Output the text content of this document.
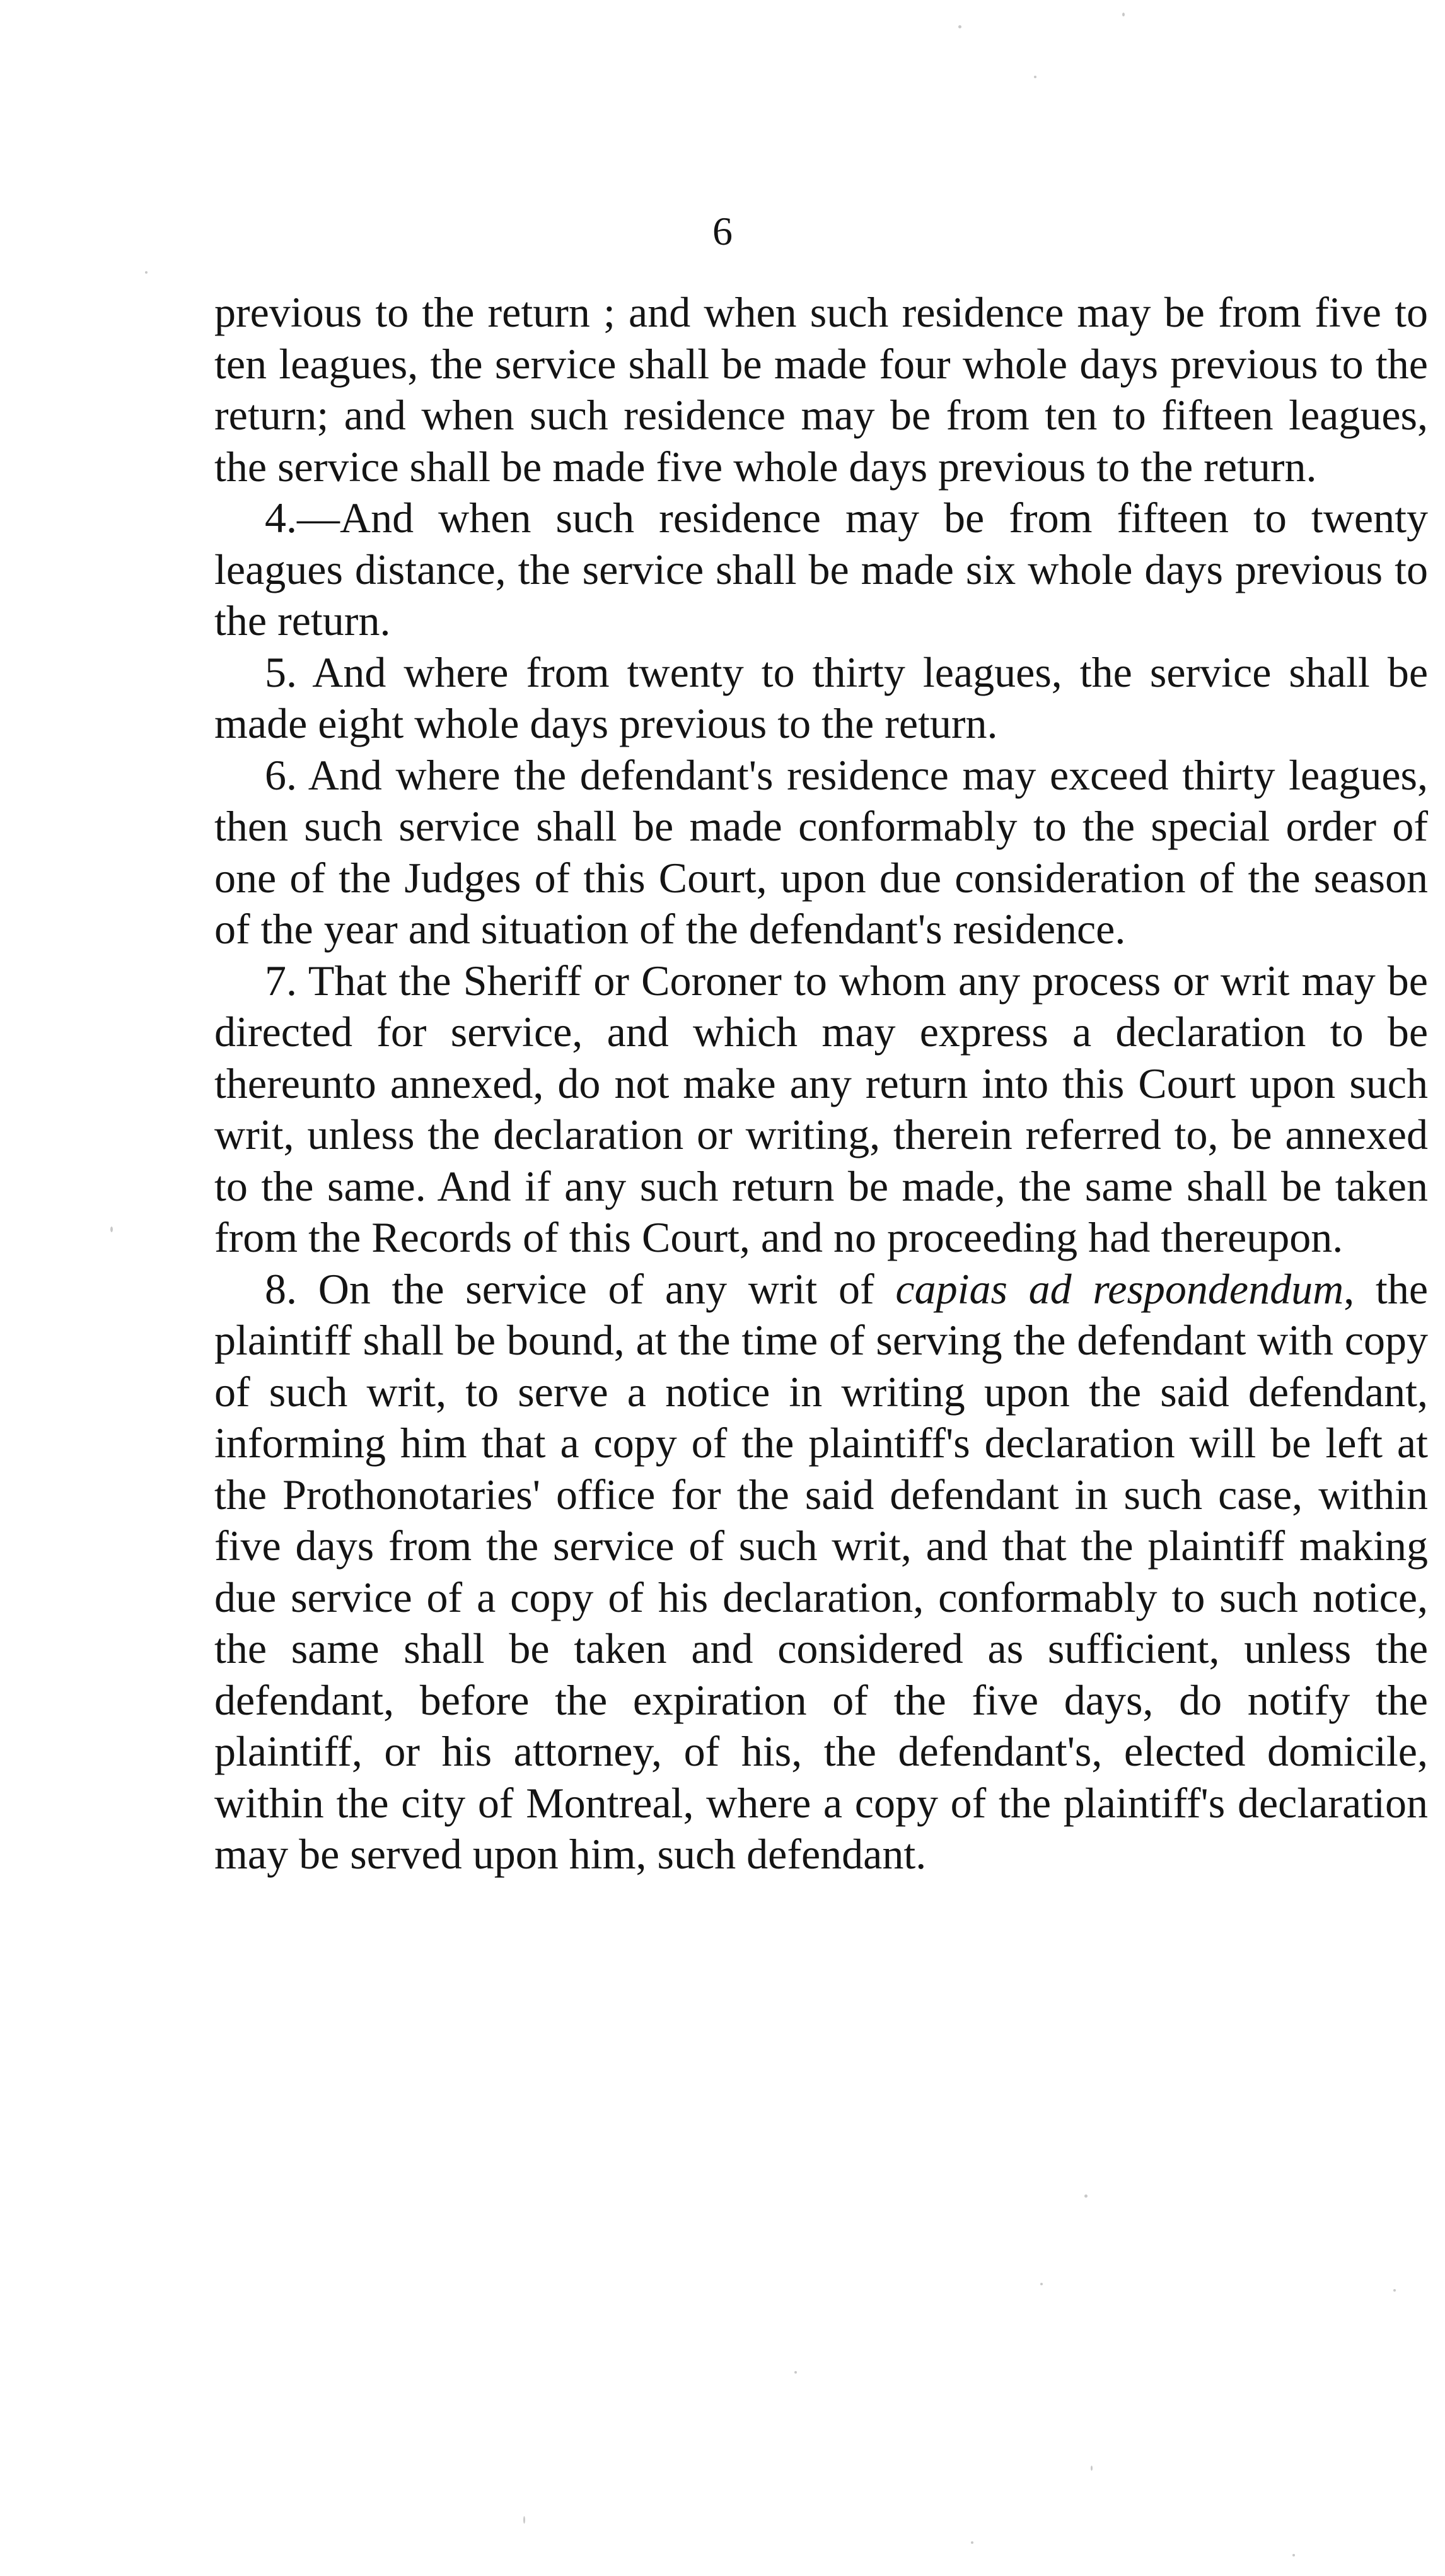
6

previous to the return ; and when such residence may be from five to ten leagues, the service shall be made four whole days previous to the return; and when such residence may be from ten to fifteen leagues, the service shall be made five whole days previous to the return.

4.—And when such residence may be from fifteen to twenty leagues distance, the service shall be made six whole days previous to the return.

5. And where from twenty to thirty leagues, the service shall be made eight whole days previous to the return.

6. And where the defendant's residence may exceed thirty leagues, then such service shall be made conformably to the special order of one of the Judges of this Court, upon due consideration of the season of the year and situation of the defendant's residence.

7. That the Sheriff or Coroner to whom any process or writ may be directed for service, and which may express a declaration to be thereunto annexed, do not make any return into this Court upon such writ, unless the declaration or writing, therein referred to, be annexed to the same. And if any such return be made, the same shall be taken from the Records of this Court, and no proceeding had thereupon.

8. On the service of any writ of capias ad respondendum, the plaintiff shall be bound, at the time of serving the defendant with copy of such writ, to serve a notice in writing upon the said defendant, informing him that a copy of the plaintiff's declaration will be left at the Prothonotaries' office for the said defendant in such case, within five days from the service of such writ, and that the plaintiff making due service of a copy of his declaration, conformably to such notice, the same shall be taken and considered as sufficient, unless the defendant, before the expiration of the five days, do notify the plaintiff, or his attorney, of his, the defendant's, elected domicile, within the city of Montreal, where a copy of the plaintiff's declaration may be served upon him, such defendant.
